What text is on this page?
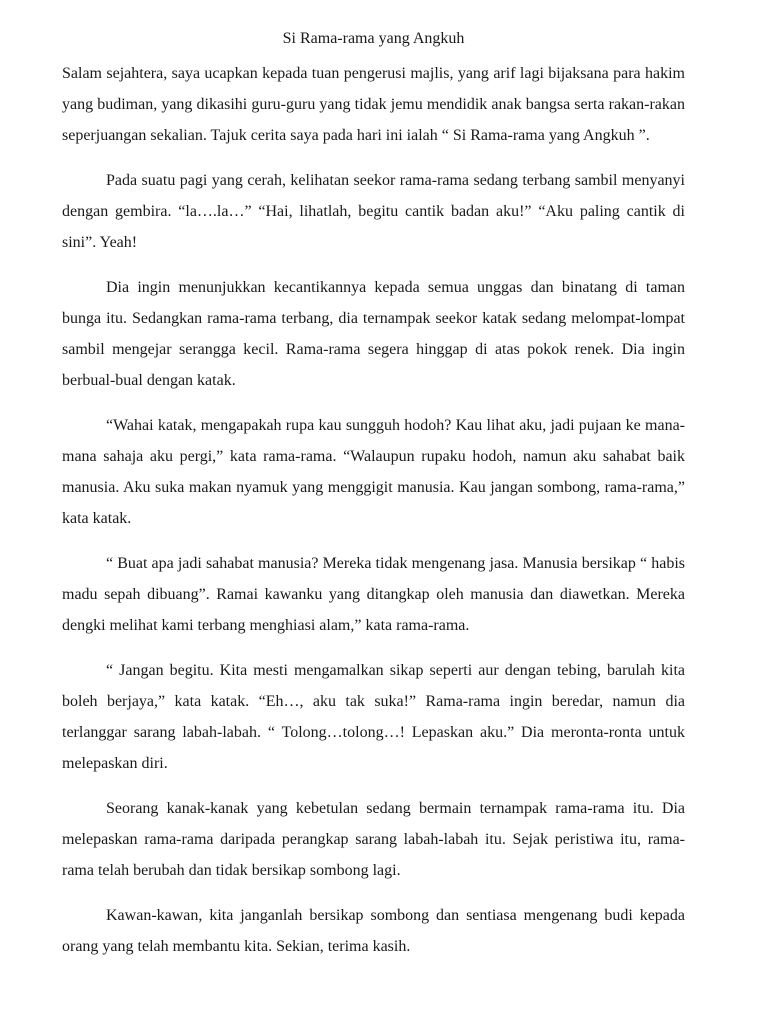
Si Rama-rama yang Angkuh

Salam sejahtera, saya ucapkan kepada tuan pengerusi majlis, yang arif lagi bijaksana para hakim yang budiman, yang dikasihi guru-guru yang tidak jemu mendidik anak bangsa serta rakan-rakan seperjuangan sekalian. Tajuk cerita saya pada hari ini ialah “ Si Rama-rama yang Angkuh ”.

Pada suatu pagi yang cerah, kelihatan seekor rama-rama sedang terbang sambil menyanyi dengan gembira. “la….la…” “Hai, lihatlah, begitu cantik badan aku!” “Aku paling cantik di sini”. Yeah!

Dia ingin menunjukkan kecantikannya kepada semua unggas dan binatang di taman bunga itu. Sedangkan rama-rama terbang, dia ternampak seekor katak sedang melompat-lompat sambil mengejar serangga kecil. Rama-rama segera hinggap di atas pokok renek. Dia ingin berbual-bual dengan katak.

“Wahai katak, mengapakah rupa kau sungguh hodoh? Kau lihat aku, jadi pujaan ke mana-mana sahaja aku pergi,” kata rama-rama. “Walaupun rupaku hodoh, namun aku sahabat baik manusia. Aku suka makan nyamuk yang menggigit manusia. Kau jangan sombong, rama-rama,” kata katak.

“ Buat apa jadi sahabat manusia? Mereka tidak mengenang jasa. Manusia bersikap “ habis madu sepah dibuang”. Ramai kawanku yang ditangkap oleh manusia dan diawetkan. Mereka dengki melihat kami terbang menghiasi alam,” kata rama-rama.

“ Jangan begitu. Kita mesti mengamalkan sikap seperti aur dengan tebing, barulah kita boleh berjaya,” kata katak. “Eh…, aku tak suka!” Rama-rama ingin beredar, namun dia terlanggar sarang labah-labah. “ Tolong…tolong…! Lepaskan aku.” Dia meronta-ronta untuk melepaskan diri.

Seorang kanak-kanak yang kebetulan sedang bermain ternampak rama-rama itu. Dia melepaskan rama-rama daripada perangkap sarang labah-labah itu. Sejak peristiwa itu, rama-rama telah berubah dan tidak bersikap sombong lagi.

Kawan-kawan, kita janganlah bersikap sombong dan sentiasa mengenang budi kepada orang yang telah membantu kita. Sekian, terima kasih.
